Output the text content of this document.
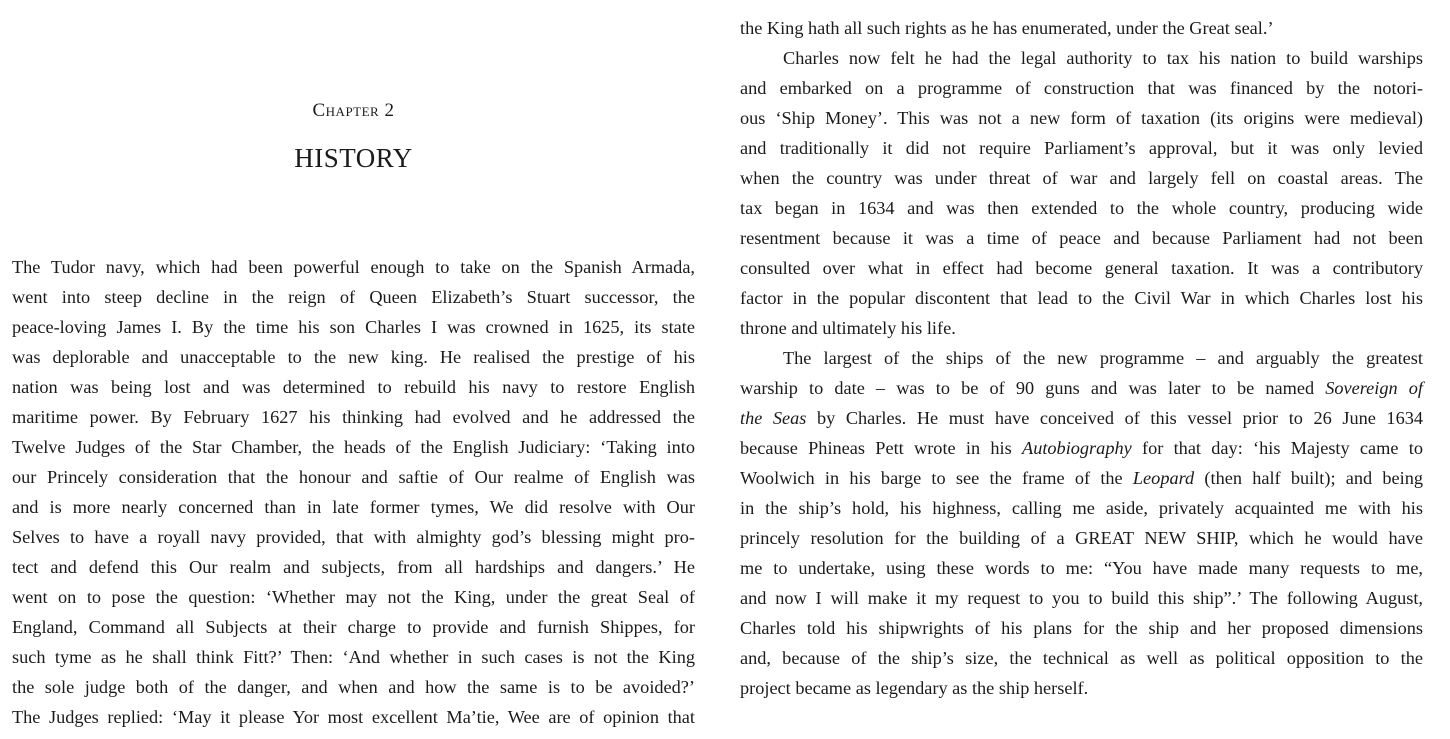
Chapter 2
HISTORY
The Tudor navy, which had been powerful enough to take on the Spanish Armada,
went into steep decline in the reign of Queen Elizabeth’s Stuart successor, the
peace-loving James I. By the time his son Charles I was crowned in 1625, its state
was deplorable and unacceptable to the new king. He realised the prestige of his
nation was being lost and was determined to rebuild his navy to restore English
maritime power. By February 1627 his thinking had evolved and he addressed the
Twelve Judges of the Star Chamber, the heads of the English Judiciary: ‘Taking into
our Princely consideration that the honour and saftie of Our realme of English was
and is more nearly concerned than in late former tymes, We did resolve with Our
Selves to have a royall navy provided, that with almighty god’s blessing might pro-
tect and defend this Our realm and subjects, from all hardships and dangers.’ He
went on to pose the question: ‘Whether may not the King, under the great Seal of
England, Command all Subjects at their charge to provide and furnish Shippes, for
such tyme as he shall think Fitt?’ Then: ‘And whether in such cases is not the King
the sole judge both of the danger, and when and how the same is to be avoided?’
The Judges replied: ‘May it please Yor most excellent Ma’tie, Wee are of opinion that
the King hath all such rights as he has enumerated, under the Great seal.’
Charles now felt he had the legal authority to tax his nation to build warships
and embarked on a programme of construction that was financed by the notori-
ous ‘Ship Money’. This was not a new form of taxation (its origins were medieval)
and traditionally it did not require Parliament’s approval, but it was only levied
when the country was under threat of war and largely fell on coastal areas. The
tax began in 1634 and was then extended to the whole country, producing wide
resentment because it was a time of peace and because Parliament had not been
consulted over what in effect had become general taxation. It was a contributory
factor in the popular discontent that lead to the Civil War in which Charles lost his
throne and ultimately his life.
The largest of the ships of the new programme – and arguably the greatest
warship to date – was to be of 90 guns and was later to be named Sovereign of
the Seas by Charles. He must have conceived of this vessel prior to 26 June 1634
because Phineas Pett wrote in his Autobiography for that day: ‘his Majesty came to
Woolwich in his barge to see the frame of the Leopard (then half built); and being
in the ship’s hold, his highness, calling me aside, privately acquainted me with his
princely resolution for the building of a GREAT NEW SHIP, which he would have
me to undertake, using these words to me: “You have made many requests to me,
and now I will make it my request to you to build this ship”.’ The following August,
Charles told his shipwrights of his plans for the ship and her proposed dimensions
and, because of the ship’s size, the technical as well as political opposition to the
project became as legendary as the ship herself.
